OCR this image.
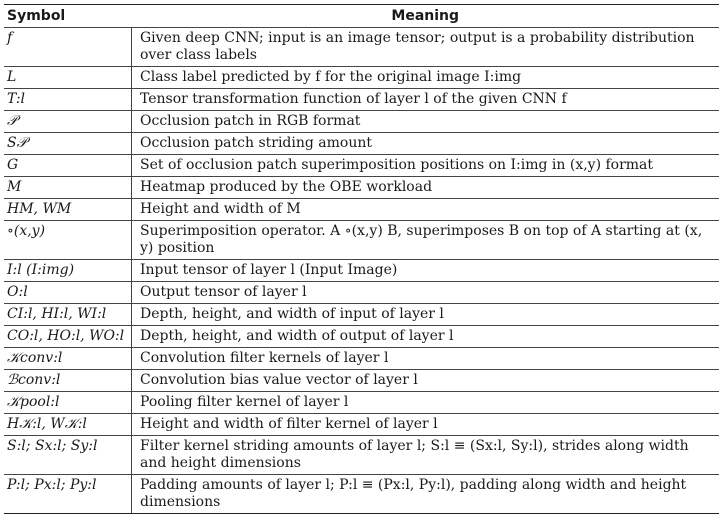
Symbol	Meaning
f	Given deep CNN; input is an image tensor; output is a probability distribution over class labels
L	Class label predicted by f for the original image I:img
T:l	Tensor transformation function of layer l of the given CNN f
𝒫	Occlusion patch in RGB format
S𝒫	Occlusion patch striding amount
G	Set of occlusion patch superimposition positions on I:img in (x,y) format
M	Heatmap produced by the OBE workload
HM, WM	Height and width of M
∘(x,y)	Superimposition operator. A ∘(x,y) B, superimposes B on top of A starting at (x, y) position
I:l (I:img)	Input tensor of layer l (Input Image)
O:l	Output tensor of layer l
CI:l, HI:l, WI:l	Depth, height, and width of input of layer l
CO:l, HO:l, WO:l	Depth, height, and width of output of layer l
𝒦conv:l	Convolution filter kernels of layer l
ℬconv:l	Convolution bias value vector of layer l
𝒦pool:l	Pooling filter kernel of layer l
H𝒦:l, W𝒦:l	Height and width of filter kernel of layer l
S:l; Sx:l; Sy:l	Filter kernel striding amounts of layer l; S:l ≡ (Sx:l, Sy:l), strides along width and height dimensions
P:l; Px:l; Py:l	Padding amounts of layer l; P:l ≡ (Px:l, Py:l), padding along width and height dimensions
